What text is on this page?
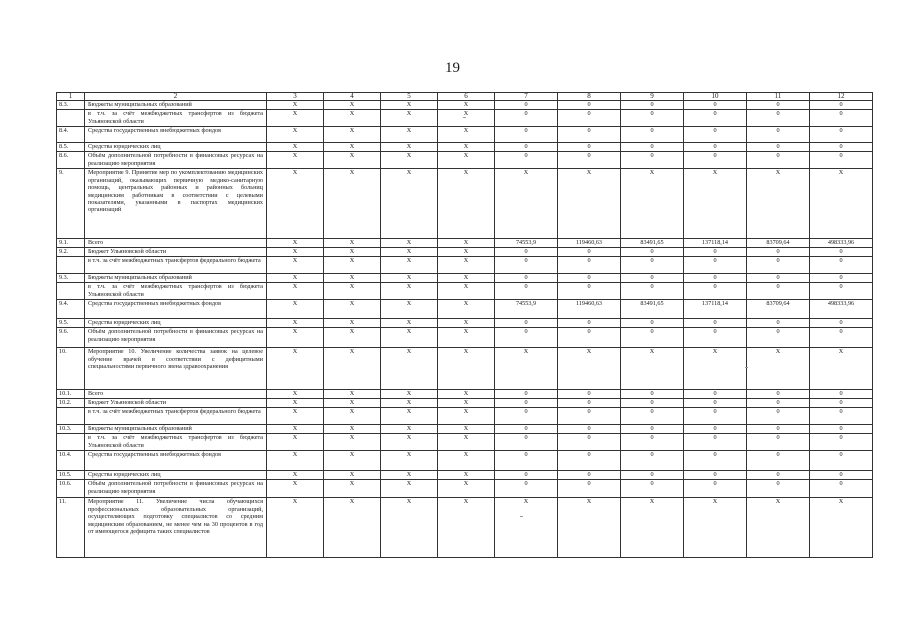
19
1	2	3	4	5	6	7	8	9	10	11	12
8.3.	Бюджеты муниципальных образований	X	X	X	X	0	0	0	0	0	0
	в т.ч. за счёт межбюджетных трансфертов из бюджета Ульяновской области	X	X	X	X	0	0	0	0	0	0
8.4.	Средства государственных внебюджетных фондов	X	X	X	X	0	0	0	0	0	0
8.5.	Средства юридических лиц	X	X	X	X	0	0	0	0	0	0
8.6.	Объём дополнительной потребности в финансовых ресурсах на реализацию мероприятия	X	X	X	X	0	0	0	0	0	0
9.	Мероприятие 9. Принятие мер по укомплектованию медицинских организаций, оказывающих первичную медико-санитарную помощь, центральных районных и районных больниц медицинским работникам в соответствии с целевыми показателями, указанными в паспортах медицинских организаций	X	X	X	X	X	X	X	X	X	X
9.1.	Всего	X	X	X	X	74553,9	119460,63	83491,65	137118,14	83709,64	498333,96
9.2.	Бюджет Ульяновской области	X	X	X	X	0	0	0	0	0	0
	в т.ч. за счёт межбюджетных трансфертов федерального бюджета	X	X	X	X	0	0	0	0	0	0
9.3.	Бюджеты муниципальных образований	X	X	X	X	0	0	0	0	0	0
	в т.ч. за счёт межбюджетных трансфертов из бюджета Ульяновской области	X	X	X	X	0	0	0	0	0	0
9.4.	Средства государственных внебюджетных фондов	X	X	X	X	74553,9	119460,63	83491,65	137118,14	83709,64	498333,96
9.5.	Средства юридических лиц	X	X	X	X	0	0	0	0	0	0
9.6.	Объём дополнительной потребности в финансовых ресурсах на реализацию мероприятия	X	X	X	X	0	0	0	0	0	0
10.	Мероприятие 10. Увеличение количества заявок на целевое обучение врачей в соответствии с дефицитными специальностями первичного звена здравоохранения	X	X	X	X	X	X	X	X	X	X
10.1.	Всего	X	X	X	X	0	0	0	0	0	0
10.2.	Бюджет Ульяновской области	X	X	X	X	0	0	0	0	0	0
	в т.ч. за счёт межбюджетных трансфертов федерального бюджета	X	X	X	X	0	0	0	0	0	0
10.3.	Бюджеты муниципальных образований	X	X	X	X	0	0	0	0	0	0
	в т.ч. за счёт межбюджетных трансфертов из бюджета Ульяновской области	X	X	X	X	0	0	0	0	0	0
10.4.	Средства государственных внебюджетных фондов	X	X	X	X	0	0	0	0	0	0
10.5.	Средства юридических лиц	X	X	X	X	0	0	0	0	0	0
10.6.	Объём дополнительной потребности в финансовых ресурсах на реализацию мероприятия	X	X	X	X	0	0	0	0	0	0
11.	Мероприятие 11. Увеличение числа обучающихся профессиональных образовательных организаций, осуществляющих подготовку специалистов со средним медицинским образованием, не менее чем на 30 процентов в год от имеющегося дефицита таких специалистов	X	X	X	X	X	X	X	X	X	X
